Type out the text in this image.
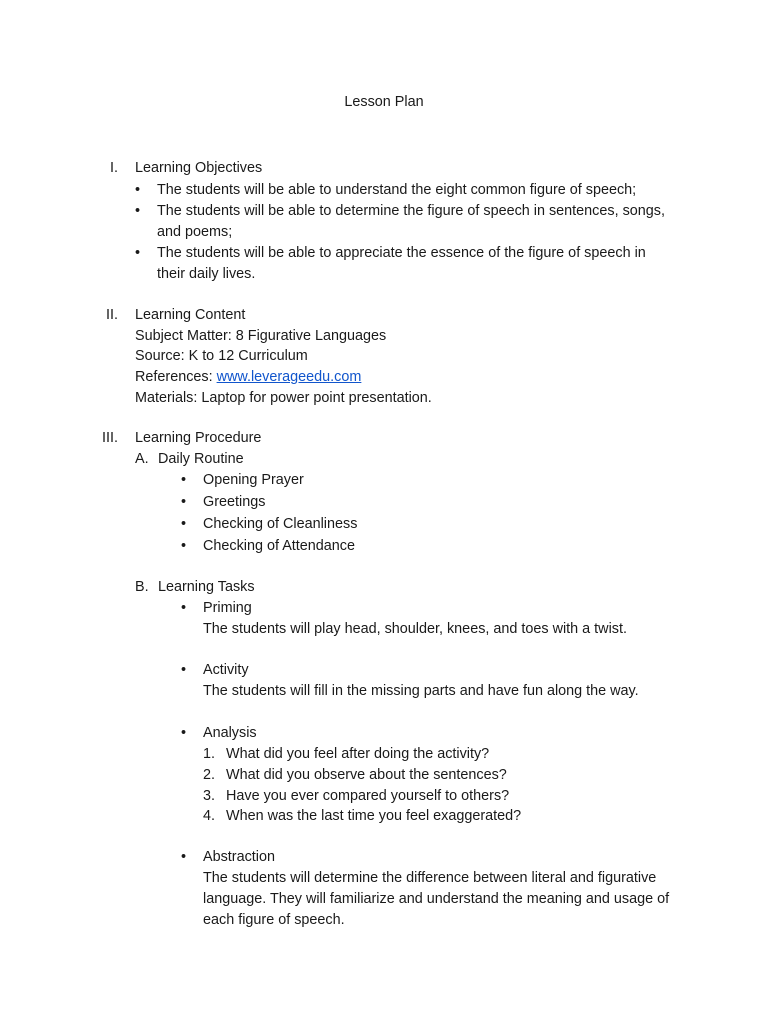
Lesson Plan
I. Learning Objectives
• The students will be able to understand the eight common figure of speech;
• The students will be able to determine the figure of speech in sentences, songs, and poems;
• The students will be able to appreciate the essence of the figure of speech in their daily lives.
II. Learning Content
Subject Matter: 8 Figurative Languages
Source: K to 12 Curriculum
References: www.leverageedu.com
Materials: Laptop for power point presentation.
III. Learning Procedure
A. Daily Routine
• Opening Prayer
• Greetings
• Checking of Cleanliness
• Checking of Attendance
B. Learning Tasks
• Priming
The students will play head, shoulder, knees, and toes with a twist.
• Activity
The students will fill in the missing parts and have fun along the way.
• Analysis
1. What did you feel after doing the activity?
2. What did you observe about the sentences?
3. Have you ever compared yourself to others?
4. When was the last time you feel exaggerated?
• Abstraction
The students will determine the difference between literal and figurative language. They will familiarize and understand the meaning and usage of each figure of speech.
